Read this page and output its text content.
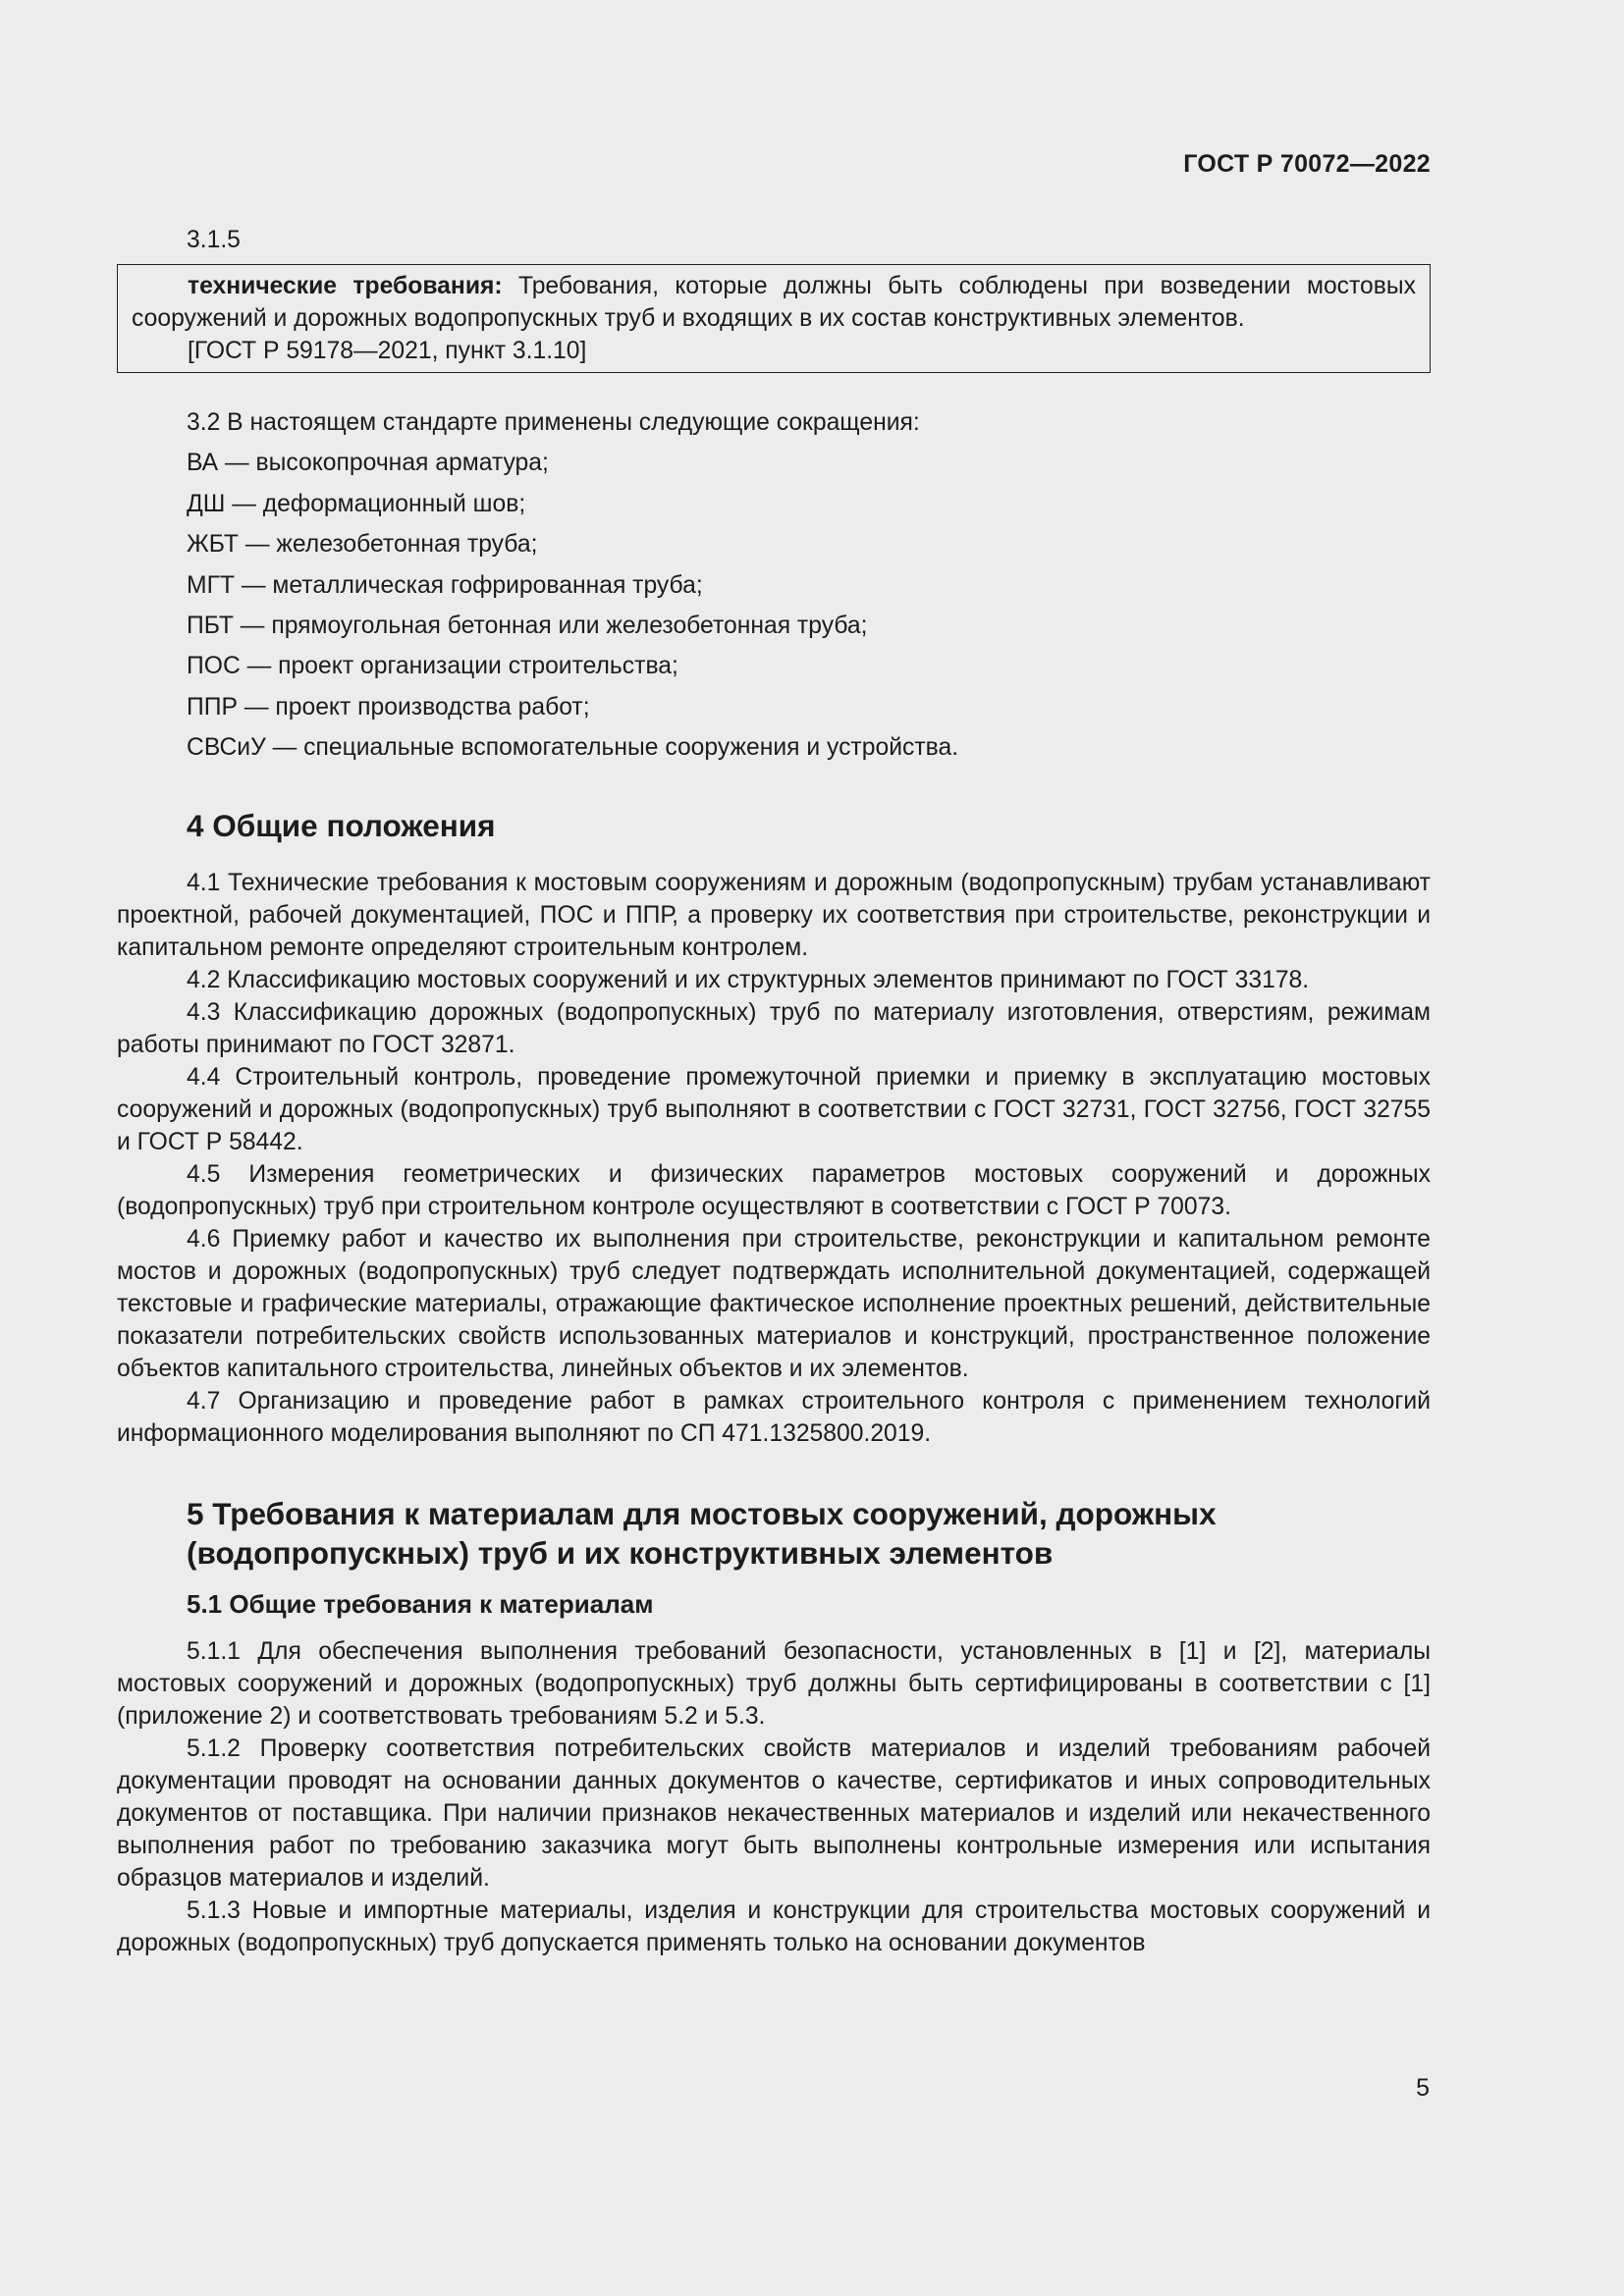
ГОСТ Р 70072—2022

3.1.5

технические требования: Требования, которые должны быть соблюдены при возведении мостовых сооружений и дорожных водопропускных труб и входящих в их состав конструктивных элементов.

[ГОСТ Р 59178—2021, пункт 3.1.10]

3.2 В настоящем стандарте применены следующие сокращения:

ВА — высокопрочная арматура;

ДШ — деформационный шов;

ЖБТ — железобетонная труба;

МГТ — металлическая гофрированная труба;

ПБТ — прямоугольная бетонная или железобетонная труба;

ПОС — проект организации строительства;

ППР — проект производства работ;

СВСиУ — специальные вспомогательные сооружения и устройства.

4 Общие положения

4.1 Технические требования к мостовым сооружениям и дорожным (водопропускным) трубам устанавливают проектной, рабочей документацией, ПОС и ППР, а проверку их соответствия при строительстве, реконструкции и капитальном ремонте определяют строительным контролем.

4.2 Классификацию мостовых сооружений и их структурных элементов принимают по ГОСТ 33178.

4.3 Классификацию дорожных (водопропускных) труб по материалу изготовления, отверстиям, режимам работы принимают по ГОСТ 32871.

4.4 Строительный контроль, проведение промежуточной приемки и приемку в эксплуатацию мостовых сооружений и дорожных (водопропускных) труб выполняют в соответствии с ГОСТ 32731, ГОСТ 32756, ГОСТ 32755 и ГОСТ Р 58442.

4.5 Измерения геометрических и физических параметров мостовых сооружений и дорожных (водопропускных) труб при строительном контроле осуществляют в соответствии с ГОСТ Р 70073.

4.6 Приемку работ и качество их выполнения при строительстве, реконструкции и капитальном ремонте мостов и дорожных (водопропускных) труб следует подтверждать исполнительной документацией, содержащей текстовые и графические материалы, отражающие фактическое исполнение проектных решений, действительные показатели потребительских свойств использованных материалов и конструкций, пространственное положение объектов капитального строительства, линейных объектов и их элементов.

4.7 Организацию и проведение работ в рамках строительного контроля с применением технологий информационного моделирования выполняют по СП 471.1325800.2019.

5 Требования к материалам для мостовых сооружений, дорожных
(водопропускных) труб и их конструктивных элементов
5.1 Общие требования к материалам

5.1.1 Для обеспечения выполнения требований безопасности, установленных в [1] и [2], материалы мостовых сооружений и дорожных (водопропускных) труб должны быть сертифицированы в соответствии с [1] (приложение 2) и соответствовать требованиям 5.2 и 5.3.

5.1.2 Проверку соответствия потребительских свойств материалов и изделий требованиям рабочей документации проводят на основании данных документов о качестве, сертификатов и иных сопроводительных документов от поставщика. При наличии признаков некачественных материалов и изделий или некачественного выполнения работ по требованию заказчика могут быть выполнены контрольные измерения или испытания образцов материалов и изделий.

5.1.3 Новые и импортные материалы, изделия и конструкции для строительства мостовых сооружений и дорожных (водопропускных) труб допускается применять только на основании документов

5
